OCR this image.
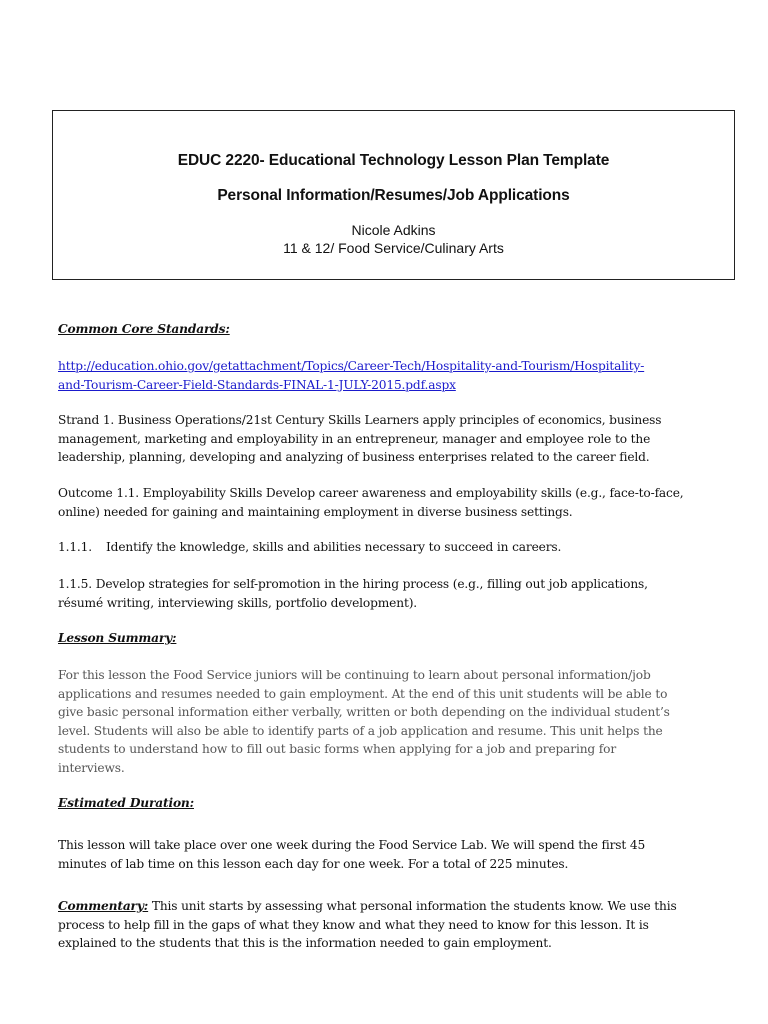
EDUC 2220- Educational Technology Lesson Plan Template
Personal Information/Resumes/Job Applications
Nicole Adkins
11 & 12/ Food Service/Culinary Arts
Common Core Standards:
http://education.ohio.gov/getattachment/Topics/Career-Tech/Hospitality-and-Tourism/Hospitality-
and-Tourism-Career-Field-Standards-FINAL-1-JULY-2015.pdf.aspx
Strand 1. Business Operations/21st Century Skills Learners apply principles of economics, business
management, marketing and employability in an entrepreneur, manager and employee role to the
leadership, planning, developing and analyzing of business enterprises related to the career field.
Outcome 1.1. Employability Skills Develop career awareness and employability skills (e.g., face-to-face,
online) needed for gaining and maintaining employment in diverse business settings.
1.1.1. Identify the knowledge, skills and abilities necessary to succeed in careers.
1.1.5. Develop strategies for self-promotion in the hiring process (e.g., filling out job applications,
résumé writing, interviewing skills, portfolio development).
Lesson Summary:
For this lesson the Food Service juniors will be continuing to learn about personal information/job
applications and resumes needed to gain employment. At the end of this unit students will be able to
give basic personal information either verbally, written or both depending on the individual student’s
level. Students will also be able to identify parts of a job application and resume. This unit helps the
students to understand how to fill out basic forms when applying for a job and preparing for
interviews.
Estimated Duration:
This lesson will take place over one week during the Food Service Lab. We will spend the first 45
minutes of lab time on this lesson each day for one week. For a total of 225 minutes.
Commentary: This unit starts by assessing what personal information the students know. We use this
process to help fill in the gaps of what they know and what they need to know for this lesson. It is
explained to the students that this is the information needed to gain employment.
